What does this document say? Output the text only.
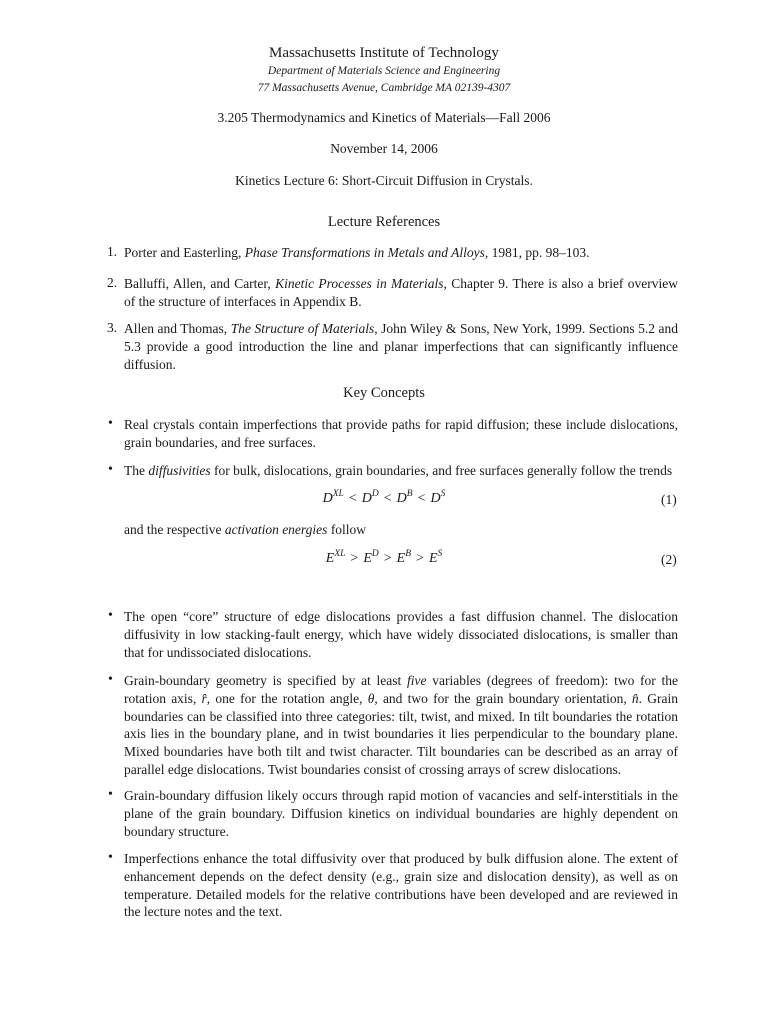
Massachusetts Institute of Technology
Department of Materials Science and Engineering
77 Massachusetts Avenue, Cambridge MA 02139-4307
3.205 Thermodynamics and Kinetics of Materials—Fall 2006
November 14, 2006
Kinetics Lecture 6: Short-Circuit Diffusion in Crystals.
Lecture References
1. Porter and Easterling, Phase Transformations in Metals and Alloys, 1981, pp. 98–103.
2. Balluffi, Allen, and Carter, Kinetic Processes in Materials, Chapter 9. There is also a brief overview of the structure of interfaces in Appendix B.
3. Allen and Thomas, The Structure of Materials, John Wiley & Sons, New York, 1999. Sections 5.2 and 5.3 provide a good introduction the line and planar imperfections that can significantly influence diffusion.
Key Concepts
• Real crystals contain imperfections that provide paths for rapid diffusion; these include dislocations, grain boundaries, and free surfaces.
• The diffusivities for bulk, dislocations, grain boundaries, and free surfaces generally follow the trends
$D^{XL} < D^D < D^B < D^S$	(1)
and the respective activation energies follow
$E^{XL} > E^D > E^B > E^S$	(2)
• The open “core” structure of edge dislocations provides a fast diffusion channel. The dislocation diffusivity in low stacking-fault energy, which have widely dissociated dislocations, is smaller than that for undissociated dislocations.
• Grain-boundary geometry is specified by at least five variables (degrees of freedom): two for the rotation axis, r̂, one for the rotation angle, θ, and two for the grain boundary orientation, n̂. Grain boundaries can be classified into three categories: tilt, twist, and mixed. In tilt boundaries the rotation axis lies in the boundary plane, and in twist boundaries it lies perpendicular to the boundary plane. Mixed boundaries have both tilt and twist character. Tilt boundaries can be described as an array of parallel edge dislocations. Twist boundaries consist of crossing arrays of screw dislocations.
• Grain-boundary diffusion likely occurs through rapid motion of vacancies and self-interstitials in the plane of the grain boundary. Diffusion kinetics on individual boundaries are highly dependent on boundary structure.
• Imperfections enhance the total diffusivity over that produced by bulk diffusion alone. The extent of enhancement depends on the defect density (e.g., grain size and dislocation density), as well as on temperature. Detailed models for the relative contributions have been developed and are reviewed in the lecture notes and the text.
